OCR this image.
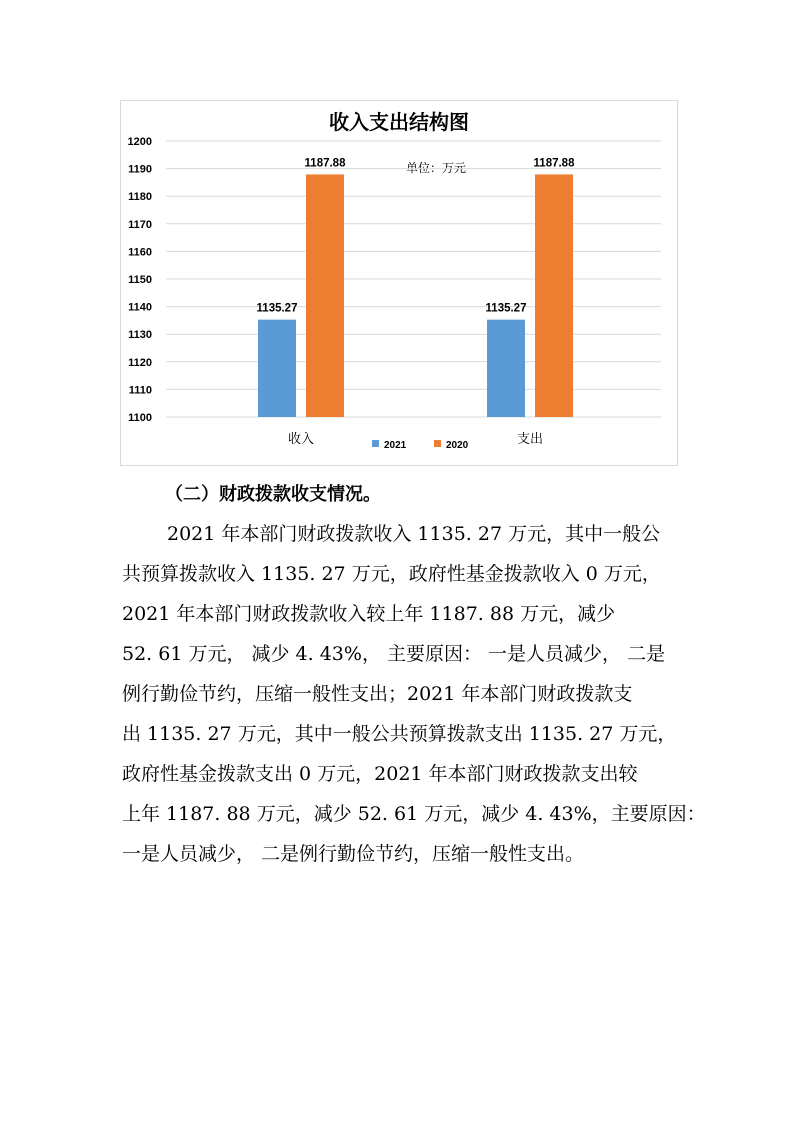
收入支出结构图
单位：万元
1200
1190
1180
1170
1160
1150
1140
1130
1120
1110
1100
1135.27
1187.88
1135.27
1187.88
收入	支出
2021	2020
（二）财政拨款收支情况。
2021 年本部门财政拨款收入 1135. 27 万元，其中一般公
共预算拨款收入 1135. 27 万元，政府性基金拨款收入 0 万元，
2021 年本部门财政拨款收入较上年 1187. 88 万元，减少
52. 61 万元， 减少 4. 43%， 主要原因： 一是人员减少， 二是
例行勤俭节约，压缩一般性支出；2021 年本部门财政拨款支
出 1135. 27 万元，其中一般公共预算拨款支出 1135. 27 万元，
政府性基金拨款支出 0 万元，2021 年本部门财政拨款支出较
上年 1187. 88 万元，减少 52. 61 万元，减少 4. 43%，主要原因：
一是人员减少， 二是例行勤俭节约，压缩一般性支出。
